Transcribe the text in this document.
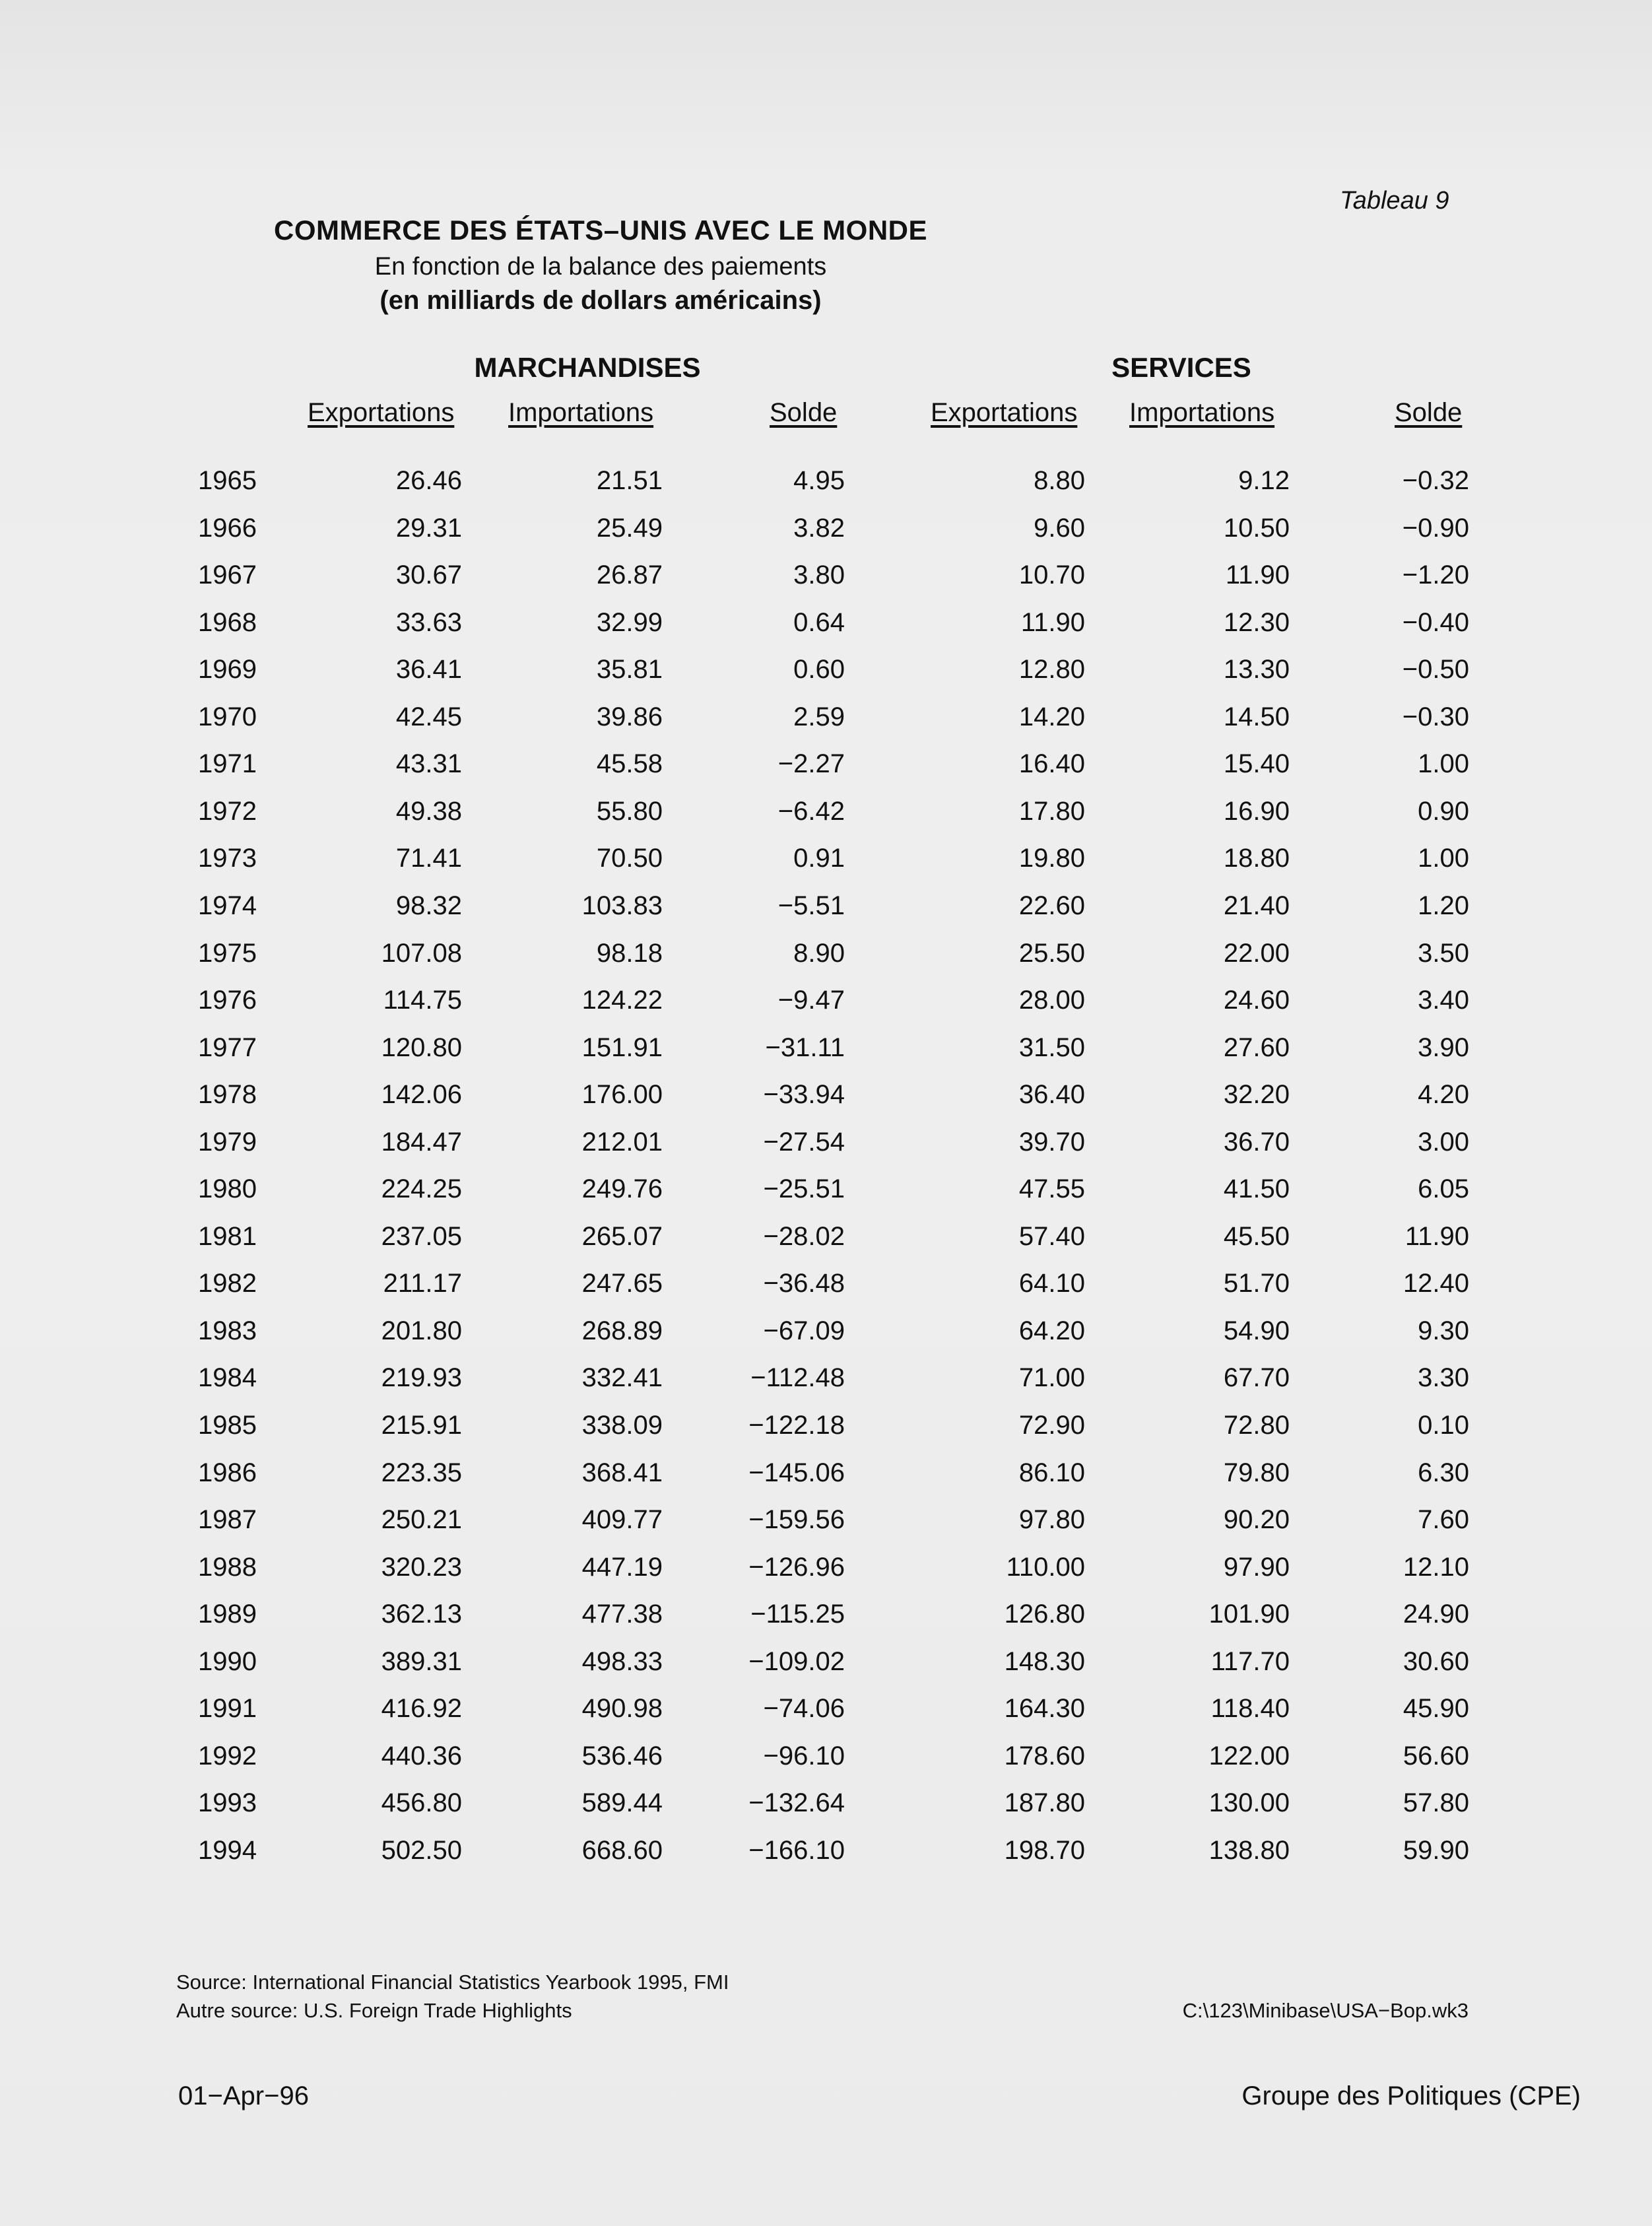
Tableau 9
COMMERCE DES ÉTATS–UNIS AVEC LE MONDE
En fonction de la balance des paiements
(en milliards de dollars américains)
MARCHANDISES	SERVICES
Exportations Importations	Solde	Exportations Importations	Solde
1965	26.46	21.51	4.95	8.80	9.12	−0.32
1966	29.31	25.49	3.82	9.60	10.50	−0.90
1967	30.67	26.87	3.80	10.70	11.90	−1.20
1968	33.63	32.99	0.64	11.90	12.30	−0.40
1969	36.41	35.81	0.60	12.80	13.30	−0.50
1970	42.45	39.86	2.59	14.20	14.50	−0.30
1971	43.31	45.58	−2.27	16.40	15.40	1.00
1972	49.38	55.80	−6.42	17.80	16.90	0.90
1973	71.41	70.50	0.91	19.80	18.80	1.00
1974	98.32	103.83	−5.51	22.60	21.40	1.20
1975	107.08	98.18	8.90	25.50	22.00	3.50
1976	114.75	124.22	−9.47	28.00	24.60	3.40
1977	120.80	151.91	−31.11	31.50	27.60	3.90
1978	142.06	176.00	−33.94	36.40	32.20	4.20
1979	184.47	212.01	−27.54	39.70	36.70	3.00
1980	224.25	249.76	−25.51	47.55	41.50	6.05
1981	237.05	265.07	−28.02	57.40	45.50	11.90
1982	211.17	247.65	−36.48	64.10	51.70	12.40
1983	201.80	268.89	−67.09	64.20	54.90	9.30
1984	219.93	332.41	−112.48	71.00	67.70	3.30
1985	215.91	338.09	−122.18	72.90	72.80	0.10
1986	223.35	368.41	−145.06	86.10	79.80	6.30
1987	250.21	409.77	−159.56	97.80	90.20	7.60
1988	320.23	447.19	−126.96	110.00	97.90	12.10
1989	362.13	477.38	−115.25	126.80	101.90	24.90
1990	389.31	498.33	−109.02	148.30	117.70	30.60
1991	416.92	490.98	−74.06	164.30	118.40	45.90
1992	440.36	536.46	−96.10	178.60	122.00	56.60
1993	456.80	589.44	−132.64	187.80	130.00	57.80
1994	502.50	668.60	−166.10	198.70	138.80	59.90
Source: International Financial Statistics Yearbook 1995, FMI
Autre source: U.S. Foreign Trade Highlights	C:\123\Minibase\USA−Bop.wk3
01−Apr−96	Groupe des Politiques (CPE)
